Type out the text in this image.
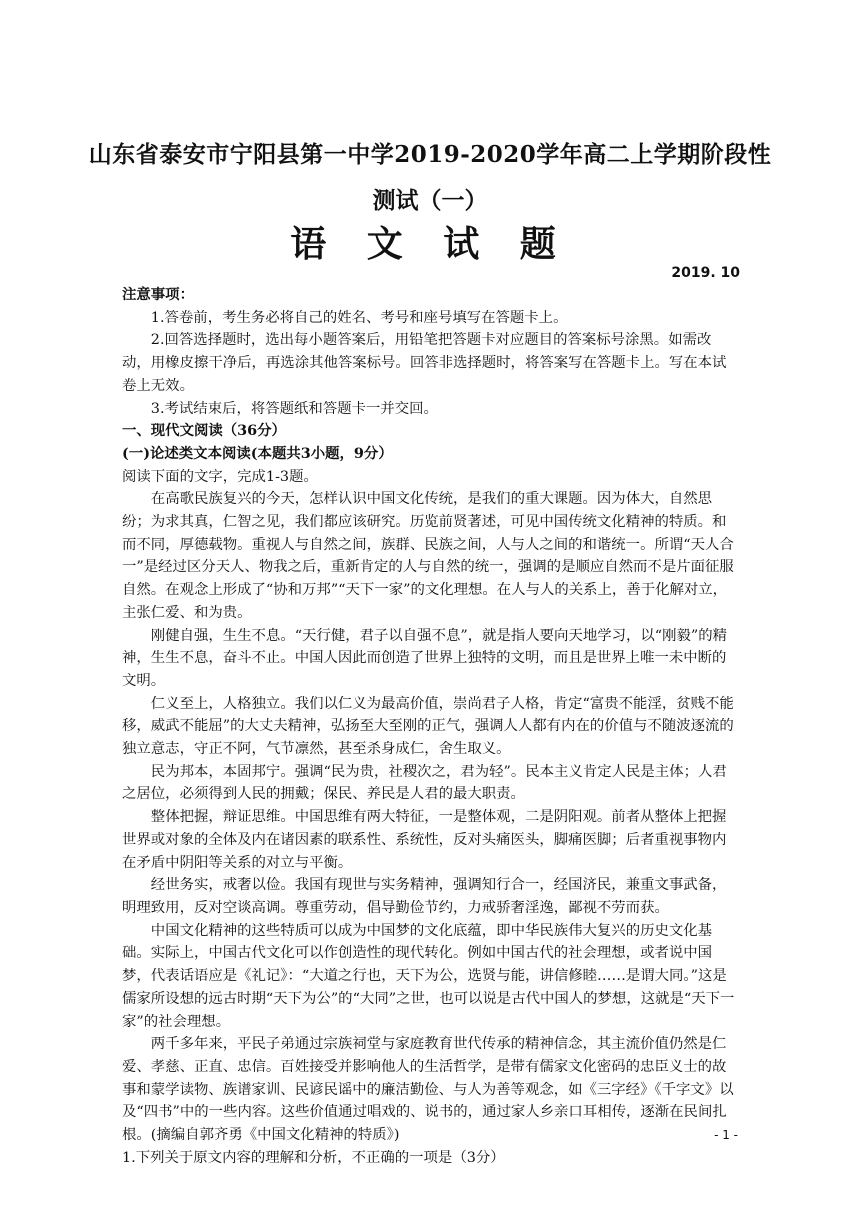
山东省泰安市宁阳县第一中学2019-2020学年高二上学期阶段性
测试（一）
语 文 试 题
2019. 10

注意事项：

1.答卷前，考生务必将自己的姓名、考号和座号填写在答题卡上。

2.回答选择题时，选出每小题答案后，用铅笔把答题卡对应题目的答案标号涂黑。如需改动，用橡皮擦干净后，再选涂其他答案标号。回答非选择题时，将答案写在答题卡上。写在本试卷上无效。

3.考试结束后，将答题纸和答题卡一并交回。

一、现代文阅读（36分）

(一)论述类文本阅读(本题共3小题，9分）

阅读下面的文字，完成1-3题。

在高歌民族复兴的今天，怎样认识中国文化传统，是我们的重大课题。因为体大，自然思纷；为求其真，仁智之见，我们都应该研究。历览前贤著述，可见中国传统文化精神的特质。和而不同，厚德载物。重视人与自然之间，族群、民族之间，人与人之间的和谐统一。所谓“天人合一”是经过区分天人、物我之后，重新肯定的人与自然的统一，强调的是顺应自然而不是片面征服自然。在观念上形成了“协和万邦”“天下一家”的文化理想。在人与人的关系上，善于化解对立，主张仁爱、和为贵。

刚健自强，生生不息。“天行健，君子以自强不息”，就是指人要向天地学习，以“刚毅”的精神，生生不息，奋斗不止。中国人因此而创造了世界上独特的文明，而且是世界上唯一未中断的文明。

仁义至上，人格独立。我们以仁义为最高价值，崇尚君子人格，肯定“富贵不能淫，贫贱不能移，威武不能屈”的大丈夫精神，弘扬至大至刚的正气，强调人人都有内在的价值与不随波逐流的独立意志，守正不阿，气节凛然，甚至杀身成仁，舍生取义。

民为邦本，本固邦宁。强调“民为贵，社稷次之，君为轻”。民本主义肯定人民是主体；人君之居位，必须得到人民的拥戴；保民、养民是人君的最大职责。

整体把握，辩证思维。中国思维有两大特征，一是整体观，二是阴阳观。前者从整体上把握世界或对象的全体及内在诸因素的联系性、系统性，反对头痛医头，脚痛医脚；后者重视事物内在矛盾中阴阳等关系的对立与平衡。

经世务实，戒奢以俭。我国有现世与实务精神，强调知行合一，经国济民，兼重文事武备，明理致用，反对空谈高调。尊重劳动，倡导勤俭节约，力戒骄奢淫逸，鄙视不劳而获。

中国文化精神的这些特质可以成为中国梦的文化底蕴，即中华民族伟大复兴的历史文化基础。实际上，中国古代文化可以作创造性的现代转化。例如中国古代的社会理想，或者说中国梦，代表话语应是《礼记》：“大道之行也，天下为公，选贤与能，讲信修睦……是谓大同。”这是儒家所设想的远古时期“天下为公”的“大同”之世，也可以说是古代中国人的梦想，这就是“天下一家”的社会理想。

两千多年来，平民子弟通过宗族祠堂与家庭教育世代传承的精神信念，其主流价值仍然是仁爱、孝慈、正直、忠信。百姓接受并影响他人的生活哲学，是带有儒家文化密码的忠臣义士的故事和蒙学读物、族谱家训、民谚民谣中的廉洁勤俭、与人为善等观念，如《三字经》《千字文》以及“四书”中的一些内容。这些价值通过唱戏的、说书的，通过家人乡亲口耳相传，逐渐在民间扎根。(摘编自郭齐勇《中国文化精神的特质》)

1.下列关于原文内容的理解和分析，不正确的一项是（3分）

- 1 -
